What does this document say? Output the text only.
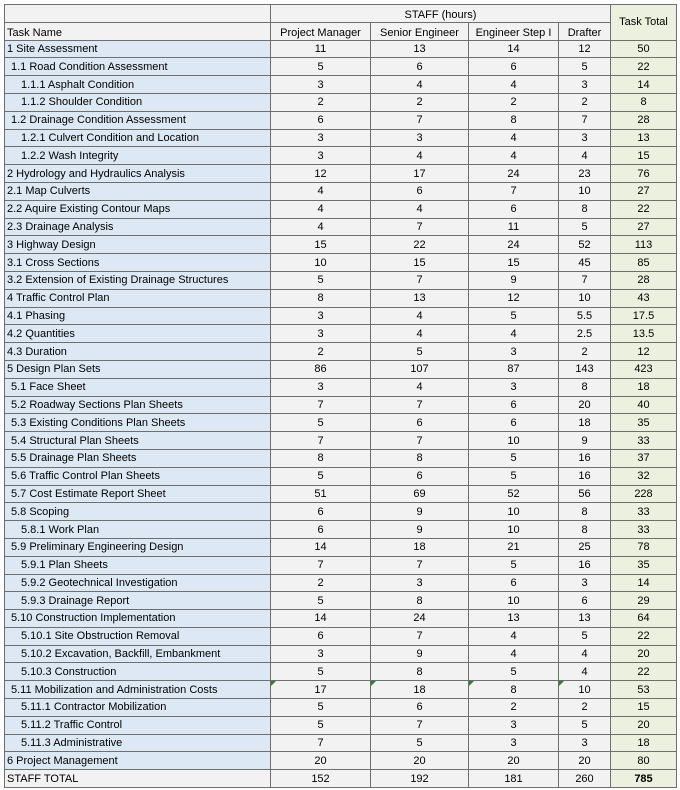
	STAFF (hours)				Task Total
Task Name	Project Manager	Senior Engineer	Engineer Step I	Drafter	
1 Site Assessment	11	13	14	12	50
1.1 Road Condition Assessment	5	6	6	5	22
1.1.1 Asphalt Condition	3	4	4	3	14
1.1.2 Shoulder Condition	2	2	2	2	8
1.2 Drainage Condition Assessment	6	7	8	7	28
1.2.1 Culvert Condition and Location	3	3	4	3	13
1.2.2 Wash Integrity	3	4	4	4	15
2 Hydrology and Hydraulics Analysis	12	17	24	23	76
2.1 Map Culverts	4	6	7	10	27
2.2 Aquire Existing Contour Maps	4	4	6	8	22
2.3 Drainage Analysis	4	7	11	5	27
3 Highway Design	15	22	24	52	113
3.1 Cross Sections	10	15	15	45	85
3.2 Extension of Existing Drainage Structures	5	7	9	7	28
4 Traffic Control Plan	8	13	12	10	43
4.1 Phasing	3	4	5	5.5	17.5
4.2 Quantities	3	4	4	2.5	13.5
4.3 Duration	2	5	3	2	12
5 Design Plan Sets	86	107	87	143	423
5.1 Face Sheet	3	4	3	8	18
5.2 Roadway Sections Plan Sheets	7	7	6	20	40
5.3 Existing Conditions Plan Sheets	5	6	6	18	35
5.4 Structural Plan Sheets	7	7	10	9	33
5.5 Drainage Plan Sheets	8	8	5	16	37
5.6 Traffic Control Plan Sheets	5	6	5	16	32
5.7 Cost Estimate Report Sheet	51	69	52	56	228
5.8 Scoping	6	9	10	8	33
5.8.1 Work Plan	6	9	10	8	33
5.9 Preliminary Engineering Design	14	18	21	25	78
5.9.1 Plan Sheets	7	7	5	16	35
5.9.2 Geotechnical Investigation	2	3	6	3	14
5.9.3 Drainage Report	5	8	10	6	29
5.10 Construction Implementation	14	24	13	13	64
5.10.1 Site Obstruction Removal	6	7	4	5	22
5.10.2 Excavation, Backfill, Embankment	3	9	4	4	20
5.10.3 Construction	5	8	5	4	22
5.11 Mobilization and Administration Costs	17	18	8	10	53
5.11.1 Contractor Mobilization	5	6	2	2	15
5.11.2 Traffic Control	5	7	3	5	20
5.11.3 Administrative	7	5	3	3	18
6 Project Management	20	20	20	20	80
STAFF TOTAL	152	192	181	260	785
